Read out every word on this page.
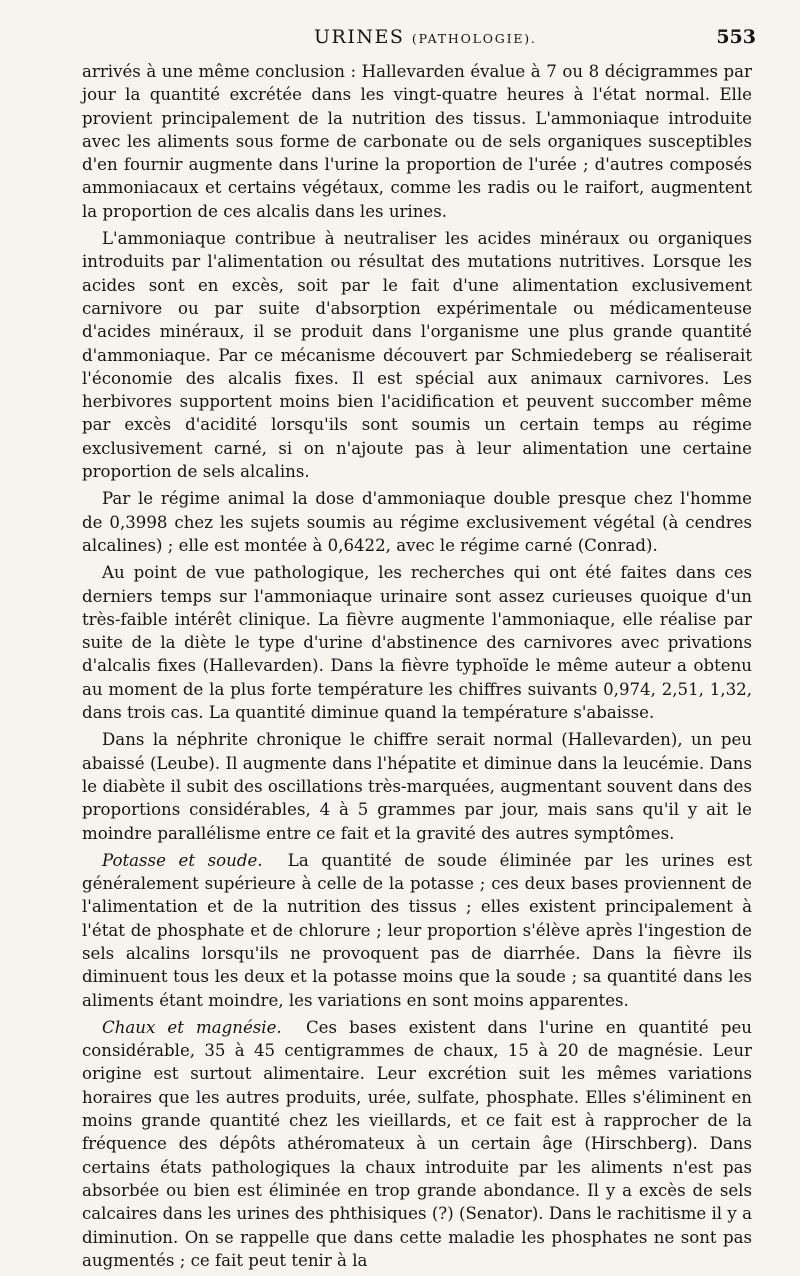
URINES (PATHOLOGIE).	553

arrivés à une même conclusion : Hallevarden évalue à 7 ou 8 décigrammes par jour la quantité excrétée dans les vingt-quatre heures à l'état normal. Elle provient principalement de la nutrition des tissus. L'ammoniaque introduite avec les aliments sous forme de carbonate ou de sels organiques susceptibles d'en fournir augmente dans l'urine la proportion de l'urée ; d'autres composés ammoniacaux et certains végétaux, comme les radis ou le raifort, augmentent la proportion de ces alcalis dans les urines.

L'ammoniaque contribue à neutraliser les acides minéraux ou organiques introduits par l'alimentation ou résultat des mutations nutritives. Lorsque les acides sont en excès, soit par le fait d'une alimentation exclusivement carnivore ou par suite d'absorption expérimentale ou médicamenteuse d'acides minéraux, il se produit dans l'organisme une plus grande quantité d'ammoniaque. Par ce mécanisme découvert par Schmiedeberg se réaliserait l'économie des alcalis fixes. Il est spécial aux animaux carnivores. Les herbivores supportent moins bien l'acidification et peuvent succomber même par excès d'acidité lorsqu'ils sont soumis un certain temps au régime exclusivement carné, si on n'ajoute pas à leur alimentation une certaine proportion de sels alcalins.

Par le régime animal la dose d'ammoniaque double presque chez l'homme de 0,3998 chez les sujets soumis au régime exclusivement végétal (à cendres alcalines) ; elle est montée à 0,6422, avec le régime carné (Conrad).

Au point de vue pathologique, les recherches qui ont été faites dans ces derniers temps sur l'ammoniaque urinaire sont assez curieuses quoique d'un très-faible intérêt clinique. La fièvre augmente l'ammoniaque, elle réalise par suite de la diète le type d'urine d'abstinence des carnivores avec privations d'alcalis fixes (Hallevarden). Dans la fièvre typhoïde le même auteur a obtenu au moment de la plus forte température les chiffres suivants 0,974, 2,51, 1,32, dans trois cas. La quantité diminue quand la température s'abaisse.

Dans la néphrite chronique le chiffre serait normal (Hallevarden), un peu abaissé (Leube). Il augmente dans l'hépatite et diminue dans la leucémie. Dans le diabète il subit des oscillations très-marquées, augmentant souvent dans des proportions considérables, 4 à 5 grammes par jour, mais sans qu'il y ait le moindre parallélisme entre ce fait et la gravité des autres symptômes.

Potasse et soude. La quantité de soude éliminée par les urines est généralement supérieure à celle de la potasse ; ces deux bases proviennent de l'alimentation et de la nutrition des tissus ; elles existent principalement à l'état de phosphate et de chlorure ; leur proportion s'élève après l'ingestion de sels alcalins lorsqu'ils ne provoquent pas de diarrhée. Dans la fièvre ils diminuent tous les deux et la potasse moins que la soude ; sa quantité dans les aliments étant moindre, les variations en sont moins apparentes.

Chaux et magnésie. Ces bases existent dans l'urine en quantité peu considérable, 35 à 45 centigrammes de chaux, 15 à 20 de magnésie. Leur origine est surtout alimentaire. Leur excrétion suit les mêmes variations horaires que les autres produits, urée, sulfate, phosphate. Elles s'éliminent en moins grande quantité chez les vieillards, et ce fait est à rapprocher de la fréquence des dépôts athéromateux à un certain âge (Hirschberg). Dans certains états pathologiques la chaux introduite par les aliments n'est pas absorbée ou bien est éliminée en trop grande abondance. Il y a excès de sels calcaires dans les urines des phthisiques (?) (Senator). Dans le rachitisme il y a diminution. On se rappelle que dans cette maladie les phosphates ne sont pas augmentés ; ce fait peut tenir à la
